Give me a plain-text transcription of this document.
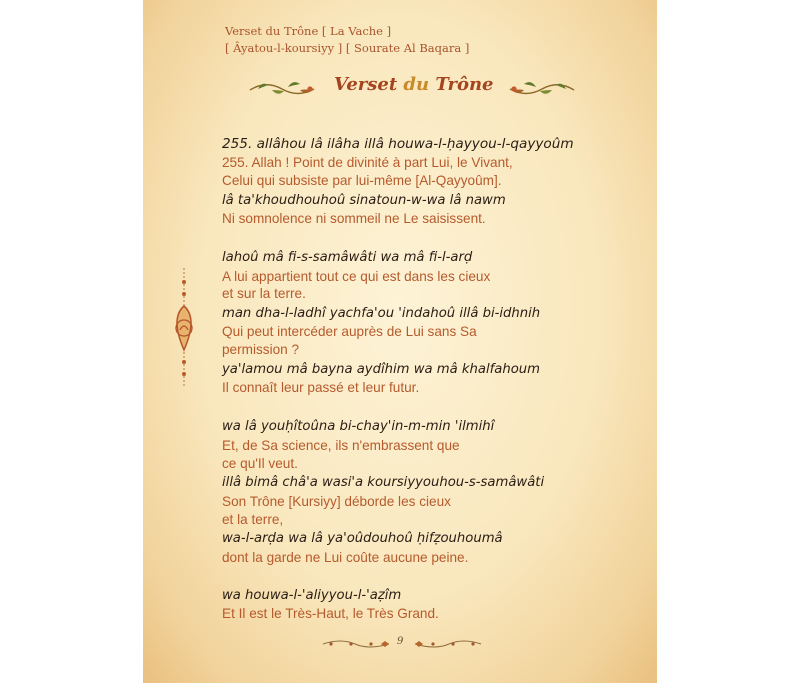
Verset du Trône [ La Vache ]
[ Âyatou-l-koursiyy ] [ Sourate Al Baqara ]
Verset du Trône
255. allâhou lâ ilâha illâ houwa-l-ḥayyou-l-qayyoûm
255. Allah ! Point de divinité à part Lui, le Vivant,
Celui qui subsiste par lui-même [Al-Qayyoûm].
lâ ta'khoudhouhoû sinatoun-w-wa lâ nawm
Ni somnolence ni sommeil ne Le saisissent.
lahoû mâ fi-s-samâwâti wa mâ fi-l-arḍ
A lui appartient tout ce qui est dans les cieux
et sur la terre.
man dha-l-ladhî yachfa'ou 'indahoû illâ bi-idhnih
Qui peut intercéder auprès de Lui sans Sa
permission ?
ya'lamou mâ bayna aydîhim wa mâ khalfahoum
Il connaît leur passé et leur futur.
wa lâ youḥîtoûna bi-chay'in-m-min 'ilmihî
Et, de Sa science, ils n'embrassent que
ce qu'Il veut.
illâ bimâ châ'a wasi'a koursiyyouhou-s-samâwâti
Son Trône [Kursiyy] déborde les cieux
et la terre,
wa-l-arḍa wa lâ ya'oûdouhoû ḥifẓouhoumâ
dont la garde ne Lui coûte aucune peine.
wa houwa-l-'aliyyou-l-'aẓîm
Et Il est le Très-Haut, le Très Grand.
9
